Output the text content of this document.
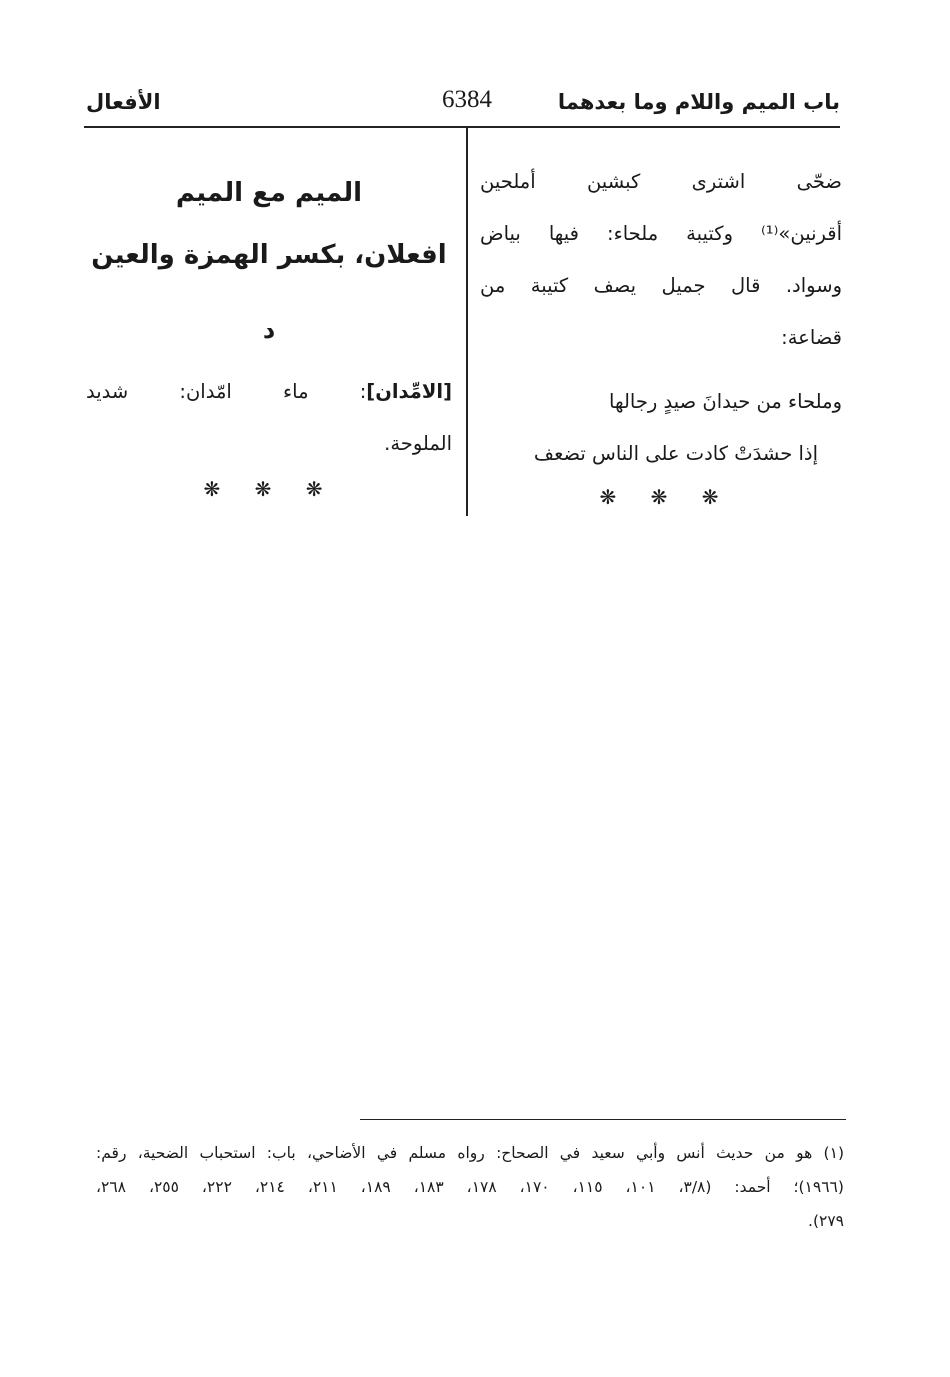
باب الميم واللام وما بعدهما
6384
الأفعال
ضحّى اشترى كبشين أملحين
أقرنين»⁽¹⁾ وكتيبة ملحاء: فيها بياض
وسواد. قال جميل يصف كتيبة من
قضاعة:
وملحاء من حيدانَ صيدٍ رجالها
إذا حشدَتْ كادت على الناس تضعف
❋ ❋ ❋
الميم مع الميم
افعلان، بكسر الهمزة والعين
د
[الامِّدان]: ماء امّدان: شديد
الملوحة.
❋ ❋ ❋
(١) هو من حديث أنس وأبي سعيد في الصحاح: رواه مسلم في الأضاحي، باب: استحباب الضحية، رقم:
(١٩٦٦)؛ أحمد: (٣/٨، ١٠١، ١١٥، ١٧٠، ١٧٨، ١٨٣، ١٨٩، ٢١١، ٢١٤، ٢٢٢، ٢٥٥، ٢٦٨،
٢٧٩).
